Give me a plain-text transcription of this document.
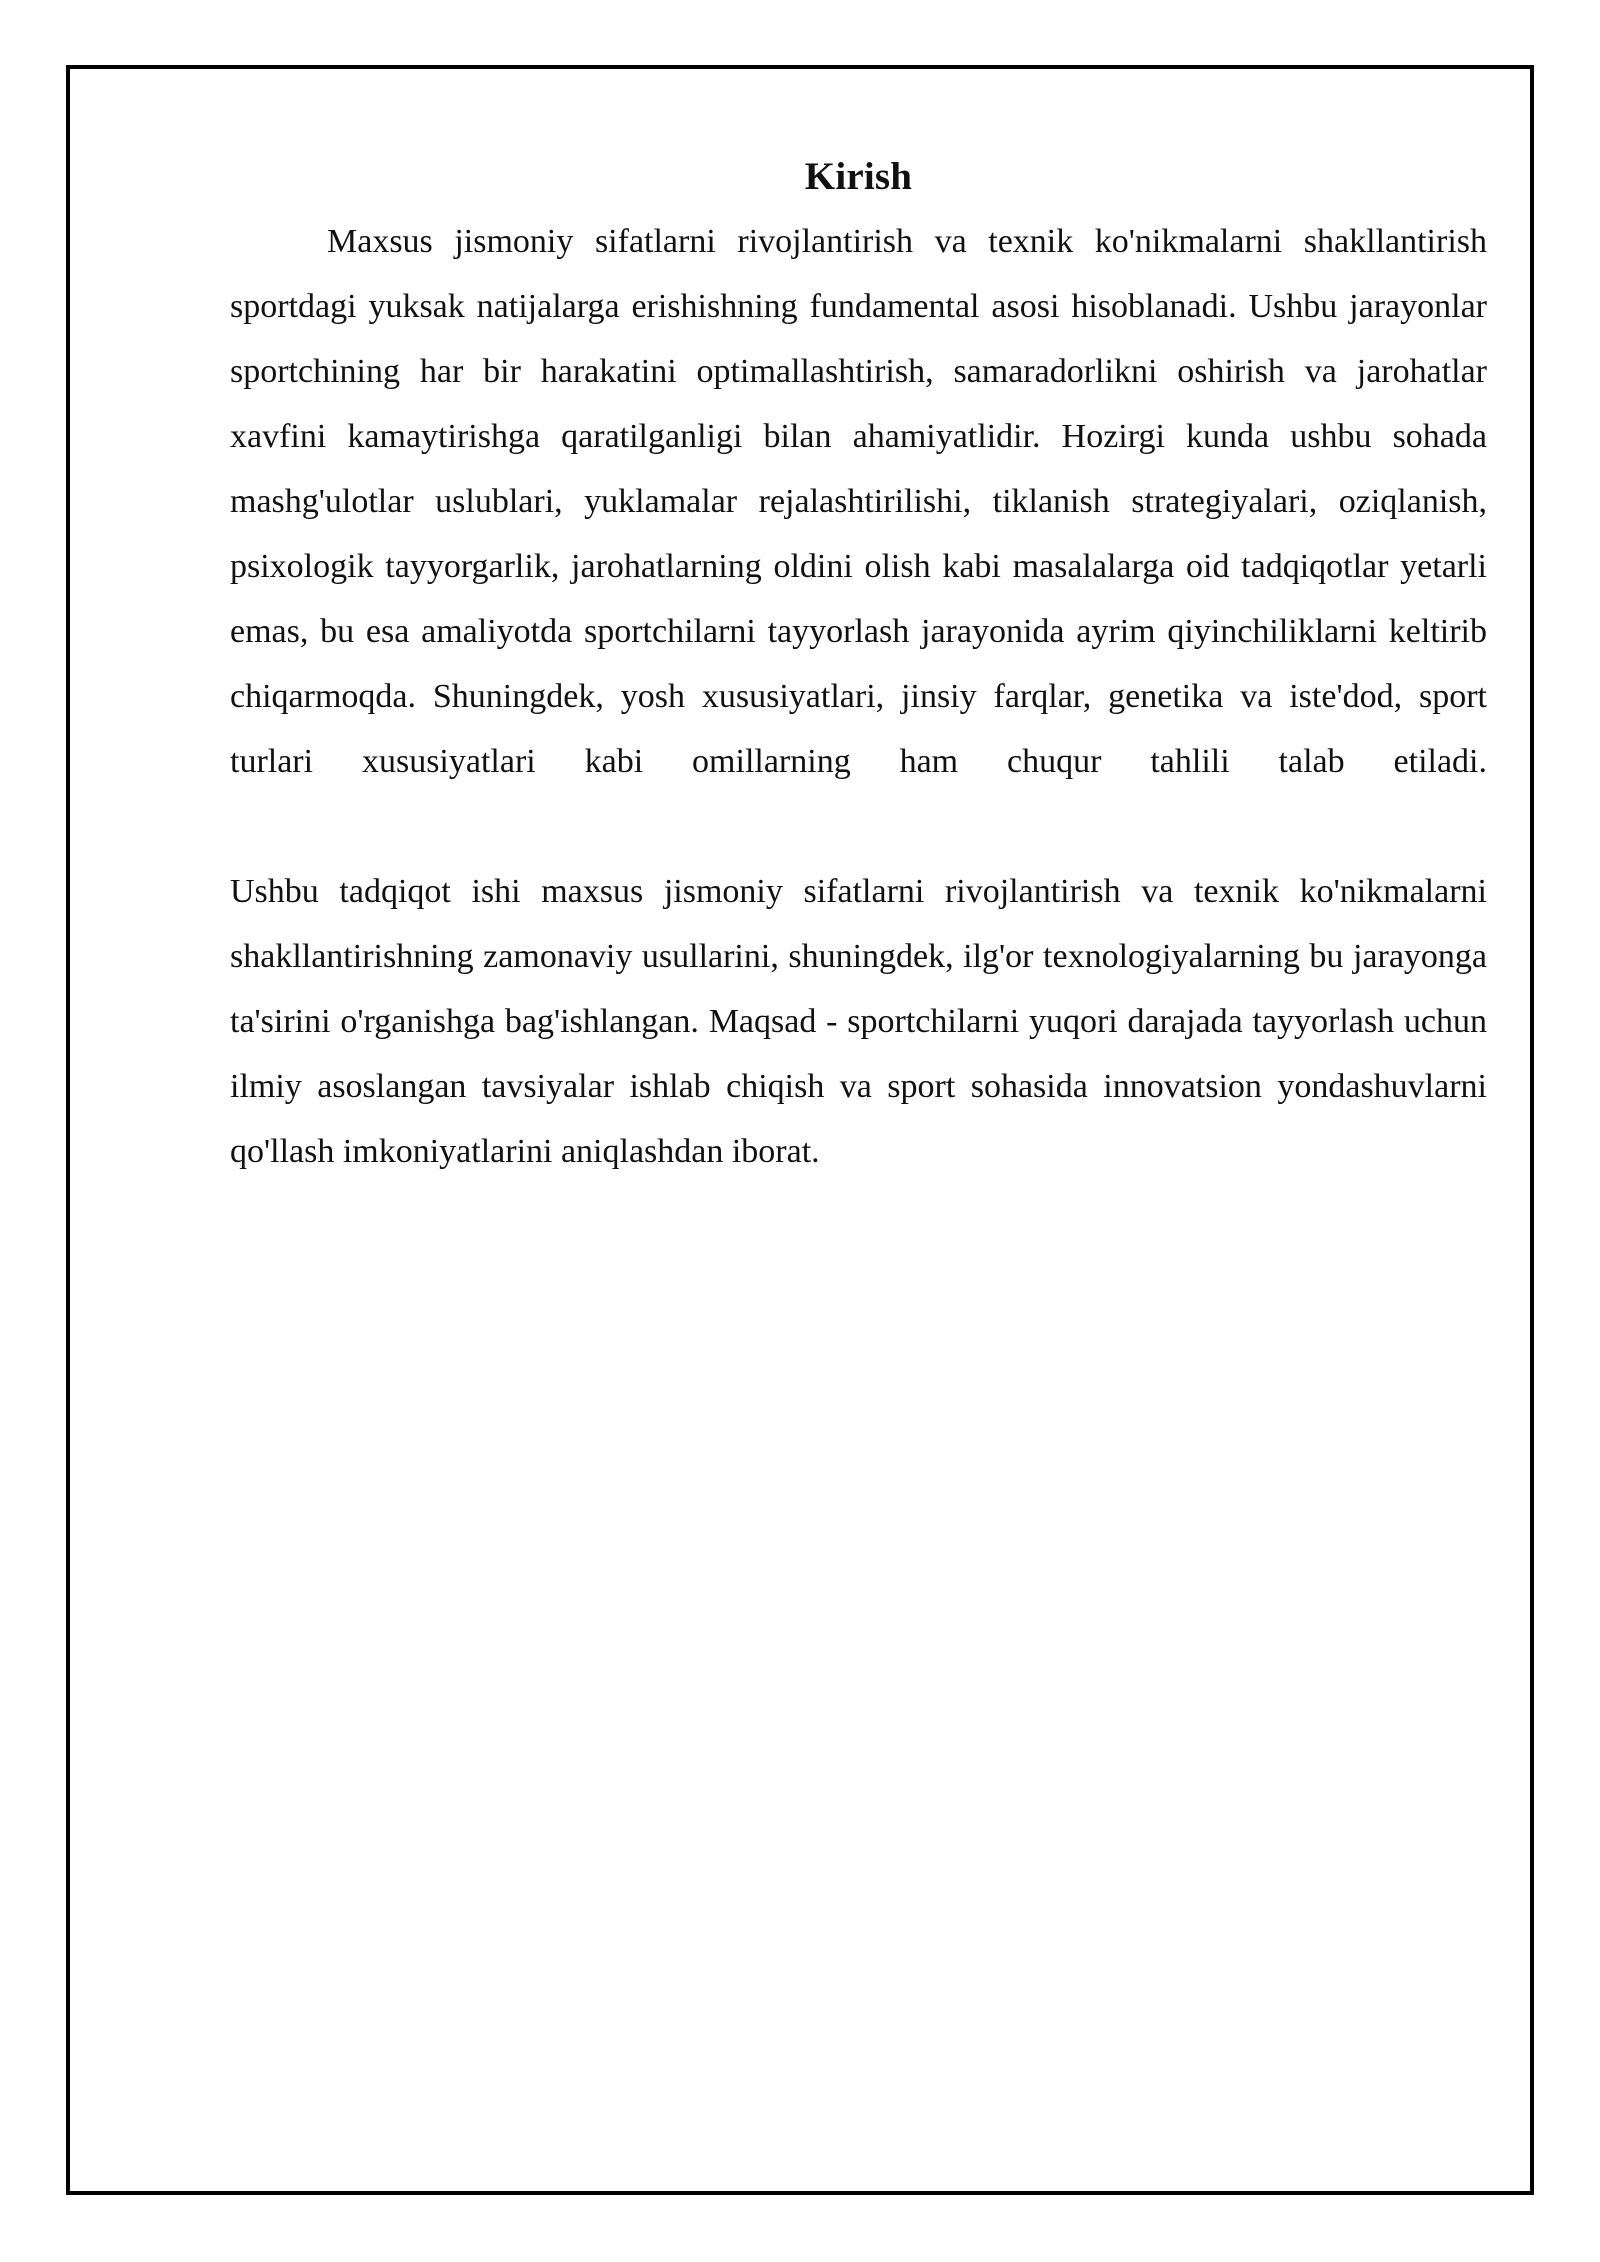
Kirish

Maxsus jismoniy sifatlarni rivojlantirish va texnik ko'nikmalarni shakllantirish sportdagi yuksak natijalarga erishishning fundamental asosi hisoblanadi. Ushbu jarayonlar sportchining har bir harakatini optimallashtirish, samaradorlikni oshirish va jarohatlar xavfini kamaytirishga qaratilganligi bilan ahamiyatlidir. Hozirgi kunda ushbu sohada mashg'ulotlar uslublari, yuklamalar rejalashtirilishi, tiklanish strategiyalari, oziqlanish, psixologik tayyorgarlik, jarohatlarning oldini olish kabi masalalarga oid tadqiqotlar yetarli emas, bu esa amaliyotda sportchilarni tayyorlash jarayonida ayrim qiyinchiliklarni keltirib chiqarmoqda. Shuningdek, yosh xususiyatlari, jinsiy farqlar, genetika va iste'dod, sport turlari xususiyatlari kabi omillarning ham chuqur tahlili talab etiladi.

Ushbu tadqiqot ishi maxsus jismoniy sifatlarni rivojlantirish va texnik ko'nikmalarni shakllantirishning zamonaviy usullarini, shuningdek, ilg'or texnologiyalarning bu jarayonga ta'sirini o'rganishga bag'ishlangan. Maqsad - sportchilarni yuqori darajada tayyorlash uchun ilmiy asoslangan tavsiyalar ishlab chiqish va sport sohasida innovatsion yondashuvlarni qo'llash imkoniyatlarini aniqlashdan iborat.
